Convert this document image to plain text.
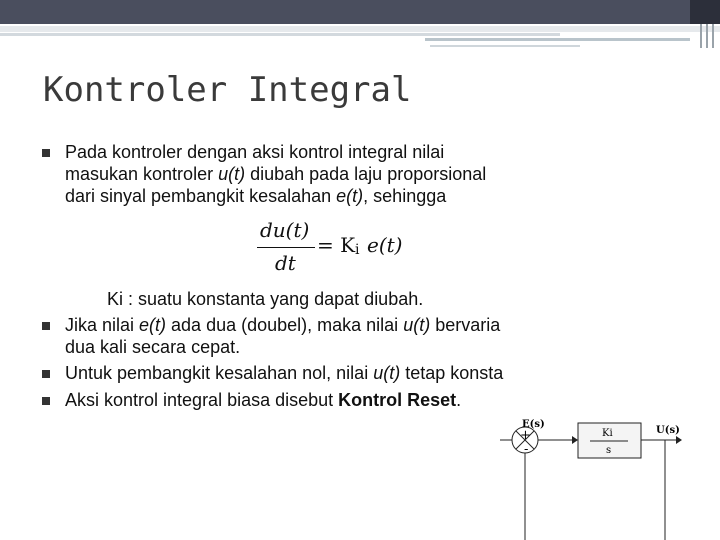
Kontroler Integral
Pada kontroler dengan aksi kontrol integral nilai
masukan kontroler u(t) diubah pada laju proporsional
dari sinyal pembangkit kesalahan e(t), sehingga
du(t)
dt
= K i e(t)
Ki : suatu konstanta yang dapat diubah.
Jika nilai e(t) ada dua (doubel), maka nilai u(t) bervaria
dua kali secara cepat.
Untuk pembangkit kesalahan nol, nilai u(t) tetap konsta
Aksi kontrol integral biasa disebut Kontrol Reset.
+
-
E(s)
Ki
s
U(s)
